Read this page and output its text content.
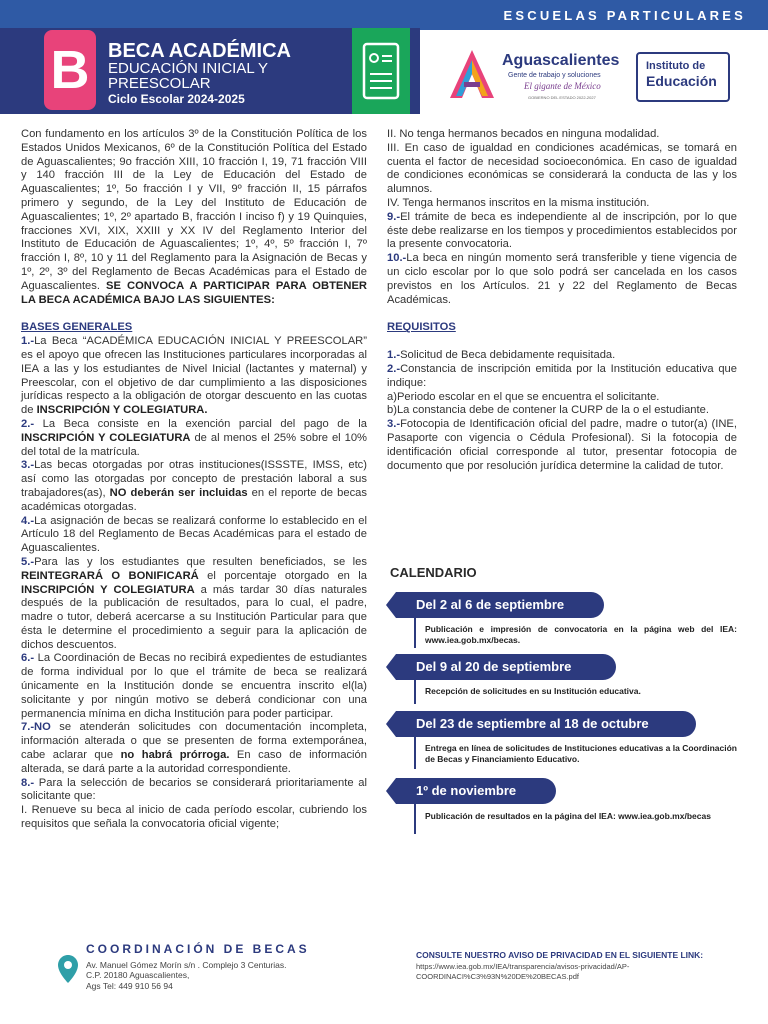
ESCUELAS PARTICULARES
B BECA ACADÉMICA
EDUCACIÓN INICIAL Y
PREESCOLAR
Ciclo Escolar 2024-2025
Aguascalientes
Gente de trabajo y soluciones
El gigante de México
GOBIERNO DEL ESTADO 2022-2027
Instituto de
Educación

Con fundamento en los artículos 3º de la Constitución Política de los Estados Unidos Mexicanos, 6º de la Constitución Política del Estado de Aguascalientes; 9o fracción XIII, 10 fracción I, 19, 71 fracción VIII y 140 fracción III de la Ley de Educación del Estado de Aguascalientes; 1º, 5o fracción I y VII, 9º fracción II, 15 párrafos primero y segundo, de la Ley del Instituto de Educación de Aguascalientes; 1º, 2º apartado B, fracción I inciso f) y 19 Quinquies, fracciones XVI, XIX, XXIII y XX IV del Reglamento Interior del Instituto de Educación de Aguascalientes; 1º, 4º, 5º fracción I, 7º fracción I, 8º, 10 y 11 del Reglamento para la Asignación de Becas y 1º, 2º, 3º del Reglamento de Becas Académicas para el Estado de Aguascalientes. SE CONVOCA A PARTICIPAR PARA OBTENER LA BECA ACADÉMICA BAJO LAS SIGUIENTES:

BASES GENERALES

1.-La Beca “ACADÉMICA EDUCACIÓN INICIAL Y PREESCOLAR” es el apoyo que ofrecen las Instituciones particulares incorporadas al IEA a las y los estudiantes de Nivel Inicial (lactantes y maternal) y Preescolar, con el objetivo de dar cumplimiento a las disposiciones jurídicas respecto a la obligación de otorgar descuento en las cuotas de INSCRIPCIÓN Y COLEGIATURA.

2.- La Beca consiste en la exención parcial del pago de la INSCRIPCIÓN Y COLEGIATURA de al menos el 25% sobre el 10% del total de la matrícula.

3.-Las becas otorgadas por otras instituciones(ISSSTE, IMSS, etc) así como las otorgadas por concepto de prestación laboral a sus trabajadores(as), NO deberán ser incluidas en el reporte de becas académicas otorgadas.

4.-La asignación de becas se realizará conforme lo establecido en el Artículo 18 del Reglamento de Becas Académicas para el estado de Aguascalientes.

5.-Para las y los estudiantes que resulten beneficiados, se les REINTEGRARÁ O BONIFICARÁ el porcentaje otorgado en la INSCRIPCIÓN Y COLEGIATURA a más tardar 30 días naturales después de la publicación de resultados, para lo cual, el padre, madre o tutor, deberá acercarse a su Institución Particular para que ésta le determine el procedimiento a seguir para la aplicación de dichos descuentos.

6.- La Coordinación de Becas no recibirá expedientes de estudiantes de forma individual por lo que el trámite de beca se realizará únicamente en la Institución donde se encuentra inscrito el(la) solicitante y por ningún motivo se deberá condicionar con una permanencia mínima en dicha Institución para poder participar.

7.-NO se atenderán solicitudes con documentación incompleta, información alterada o que se presenten de forma extemporánea, cabe aclarar que no habrá prórroga. En caso de información alterada, se dará parte a la autoridad correspondiente.

8.- Para la selección de becarios se considerará prioritariamente al solicitante que:

I. Renueve su beca al inicio de cada período escolar, cubriendo los requisitos que señala la convocatoria oficial vigente;

II. No tenga hermanos becados en ninguna modalidad.

III. En caso de igualdad en condiciones académicas, se tomará en cuenta el factor de necesidad socioeconómica. En caso de igualdad de condiciones económicas se considerará la conducta de las y los alumnos.

IV. Tenga hermanos inscritos en la misma institución.

9.-El trámite de beca es independiente al de inscripción, por lo que éste debe realizarse en los tiempos y procedimientos establecidos por la presente convocatoria.

10.-La beca en ningún momento será transferible y tiene vigencia de un ciclo escolar por lo que solo podrá ser cancelada en los casos previstos en los Artículos. 21 y 22 del Reglamento de Becas Académicas.

REQUISITOS

1.-Solicitud de Beca debidamente requisitada.

2.-Constancia de inscripción emitida por la Institución educativa que indique:

a)Periodo escolar en el que se encuentra el solicitante.

b)La constancia debe de contener la CURP de la o el estudiante.

3.-Fotocopia de Identificación oficial del padre, madre o tutor(a) (INE, Pasaporte con vigencia o Cédula Profesional). Si la fotocopia de identificación oficial corresponde al tutor, presentar fotocopia de documento que por resolución jurídica determine la calidad de tutor.

CALENDARIO
Del 2 al 6 de septiembre
Publicación e impresión de convocatoria en la página web del IEA: www.iea.gob.mx/becas.
Del 9 al 20 de septiembre
Recepción de solicitudes en su Institución educativa.
Del 23 de septiembre al 18 de octubre
Entrega en línea de solicitudes de Instituciones educativas a la Coordinación de Becas y Financiamiento Educativo.
1º de noviembre
Publicación de resultados en la página del IEA: www.iea.gob.mx/becas
COORDINACIÓN DE BECAS
Av. Manuel Gómez Morín s/n . Complejo 3 Centurias.
C.P. 20180 Aguascalientes,
Ags Tel: 449 910 56 94
CONSULTE NUESTRO AVISO DE PRIVACIDAD EN EL SIGUIENTE LINK:
https://www.iea.gob.mx/IEA/transparencia/avisos-privacidad/AP-COORDINACI%C3%93N%20DE%20BECAS.pdf
